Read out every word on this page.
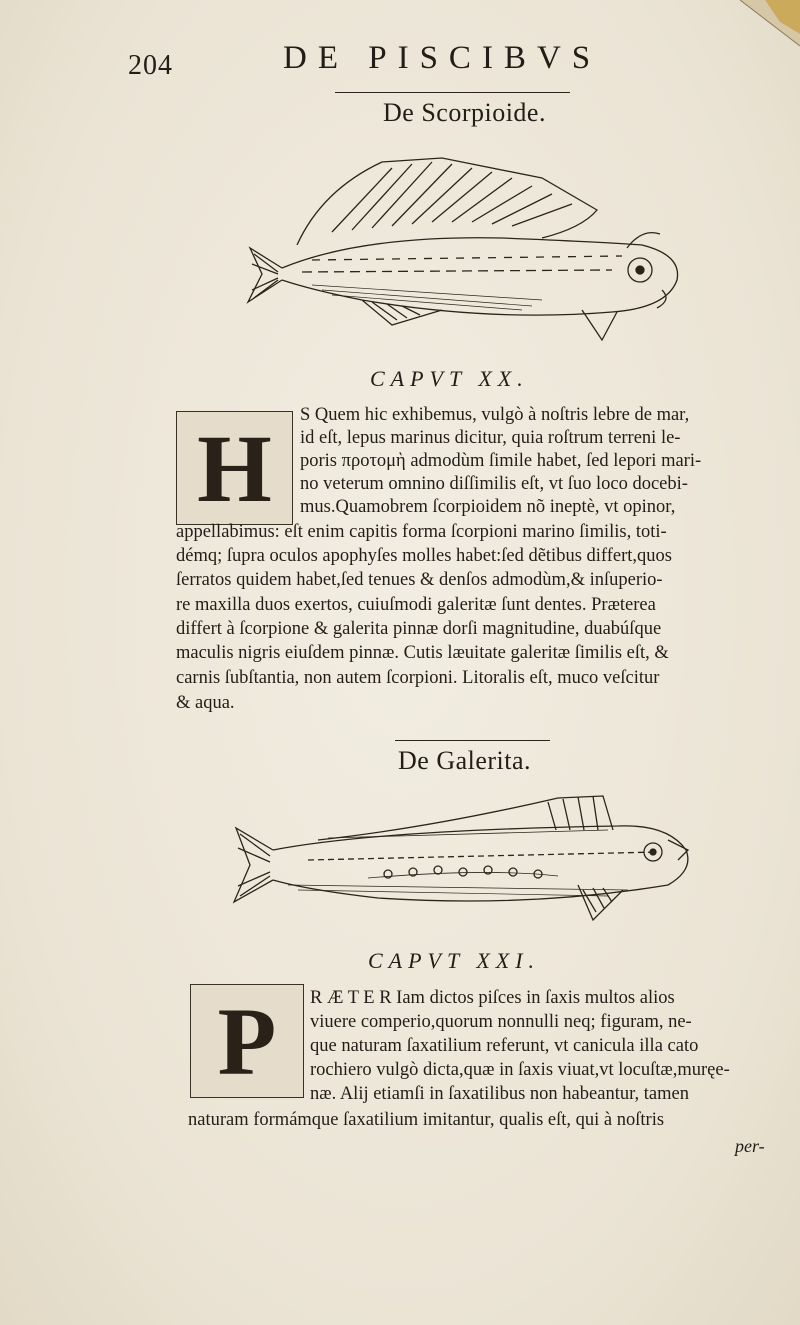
204	DE PISCIBVS
De Scorpioide.
CAPVT XX.
H	S Quem hic exhibemus, vulgò à noſtris lebre de mar,
id eſt, lepus marinus dicitur, quia roſtrum terreni le-
poris προτομὴ admodùm ſimile habet, ſed lepori mari-
no veterum omnino diſſimilis eſt, vt ſuo loco docebi-
mus.Quamobrem ſcorpioidem nõ ineptè, vt opinor,
appellabimus: eſt enim capitis forma ſcorpioni marino ſimilis, toti-
démq; ſupra oculos apophyſes molles habet:ſed dẽtibus differt,quos
ſerratos quidem habet,ſed tenues & denſos admodùm,& inſuperio-
re maxilla duos exertos, cuiuſmodi galeritæ ſunt dentes. Præterea
differt à ſcorpione & galerita pinnæ dorſi magnitudine, duabúſque
maculis nigris eiuſdem pinnæ. Cutis læuitate galeritæ ſimilis eſt, &
carnis ſubſtantia, non autem ſcorpioni. Litoralis eſt, muco veſcitur
& aqua.
De Galerita.
CAPVT XXI.
P	R Æ T E R Iam dictos piſces in ſaxis multos alios
viuere comperio,quorum nonnulli neq; figuram, ne-
que naturam ſaxatilium referunt, vt canicula illa cato
rochiero vulgò dicta,quæ in ſaxis viuat,vt locuſtæ,muręe-
næ. Alij etiamſi in ſaxatilibus non habeantur, tamen
naturam formámque ſaxatilium imitantur, qualis eſt, qui à noſtris
per-
